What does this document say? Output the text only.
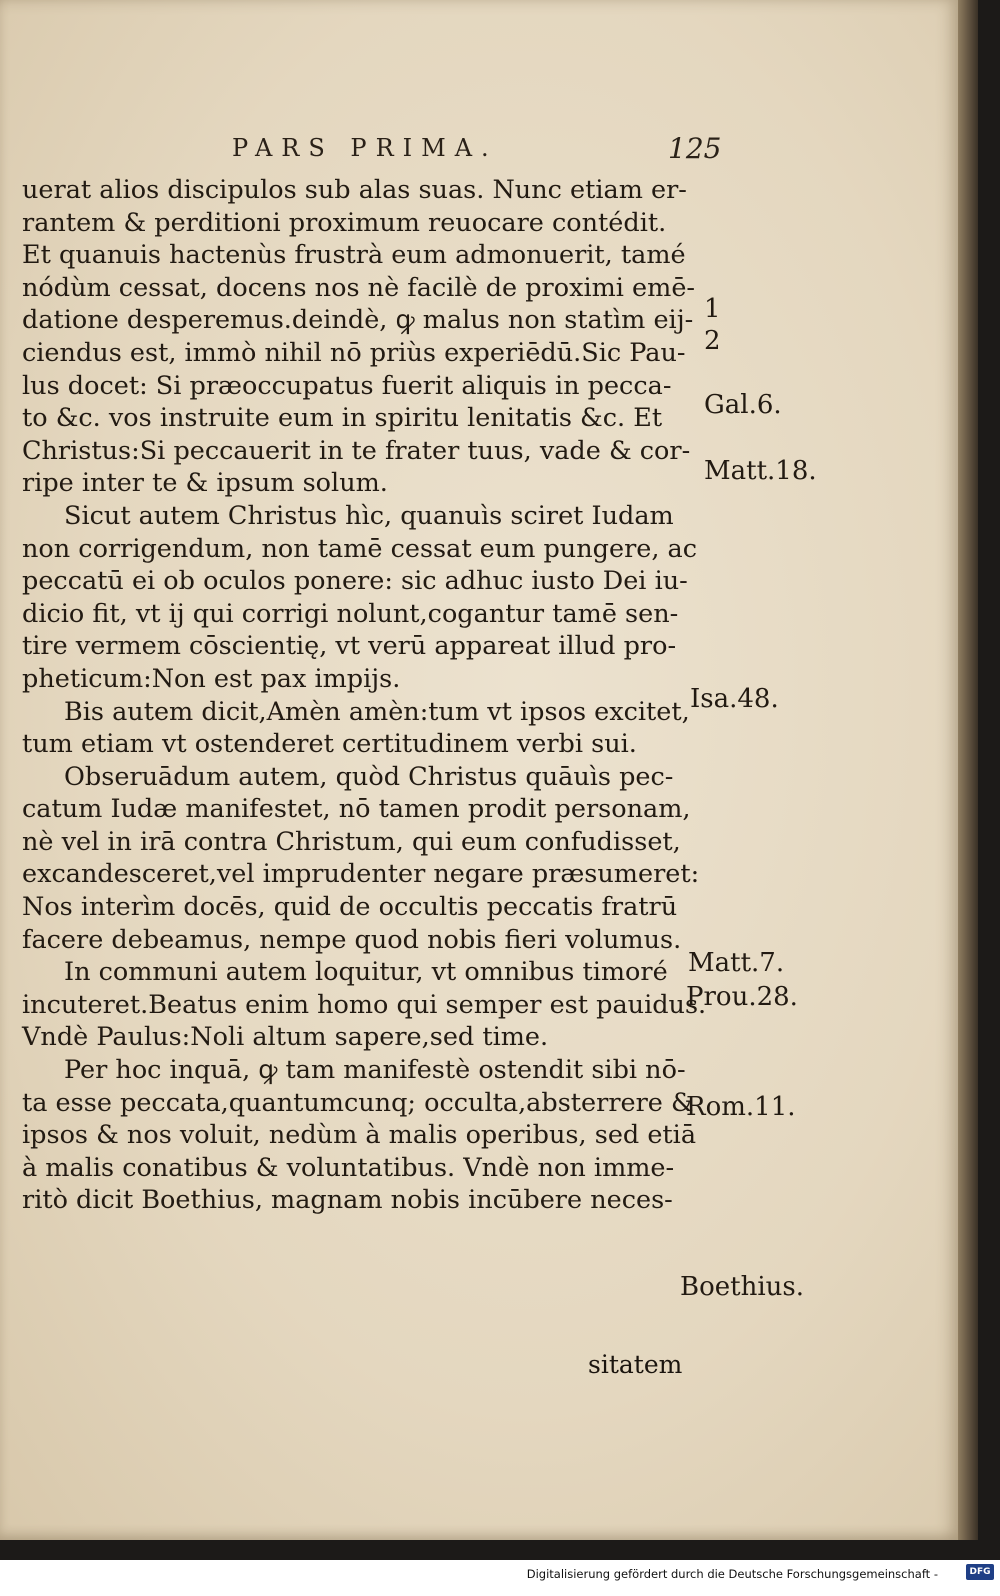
PARS PRIMA.	125
uerat alios discipulos sub alas suas. Nunc etiam er-
rantem & perditioni proximum reuocare contédit.
Et quanuis hactenùs frustrà eum admonuerit, tamé
nódùm cessat, docens nos nè facilè de proximi emē-
datione desperemus.deindè, ꝙ malus non statìm eij-
ciendus est, immò nihil nō priùs experiēdū.Sic Pau-
lus docet: Si præoccupatus fuerit aliquis in pecca-
to &c. vos instruite eum in spiritu lenitatis &c. Et
Christus:Si peccauerit in te frater tuus, vade & cor-
ripe inter te & ipsum solum.
Sicut autem Christus hìc, quanuìs sciret Iudam
non corrigendum, non tamē cessat eum pungere, ac
peccatū ei ob oculos ponere: sic adhuc iusto Dei iu-
dicio fit, vt ij qui corrigi nolunt,cogantur tamē sen-
tire vermem cōscientię, vt verū appareat illud pro-
pheticum:Non est pax impijs.
Bis autem dicit,Amèn amèn:tum vt ipsos excitet,
tum etiam vt ostenderet certitudinem verbi sui.
Obseruādum autem, quòd Christus quāuìs pec-
catum Iudæ manifestet, nō tamen prodit personam,
nè vel in irā contra Christum, qui eum confudisset,
excandesceret,vel imprudenter negare præsumeret:
Nos interìm docēs, quid de occultis peccatis fratrū
facere debeamus, nempe quod nobis fieri volumus.
In communi autem loquitur, vt omnibus timoré
incuteret.Beatus enim homo qui semper est pauidus.
Vndè Paulus:Noli altum sapere,sed time.
Per hoc inquā, ꝙ tam manifestè ostendit sibi nō-
ta esse peccata,quantumcunq; occulta,absterrere &
ipsos & nos voluit, nedùm à malis operibus, sed etiā
à malis conatibus & voluntatibus. Vndè non imme-
ritò dicit Boethius, magnam nobis incūbere neces-
1
2
Gal.6.
Matt.18.
Isa.48.
Matt.7.
Prou.28.
Rom.11.
Boethius.
sitatem
Digitalisierung gefördert durch die Deutsche Forschungsgemeinschaft -	DFG
